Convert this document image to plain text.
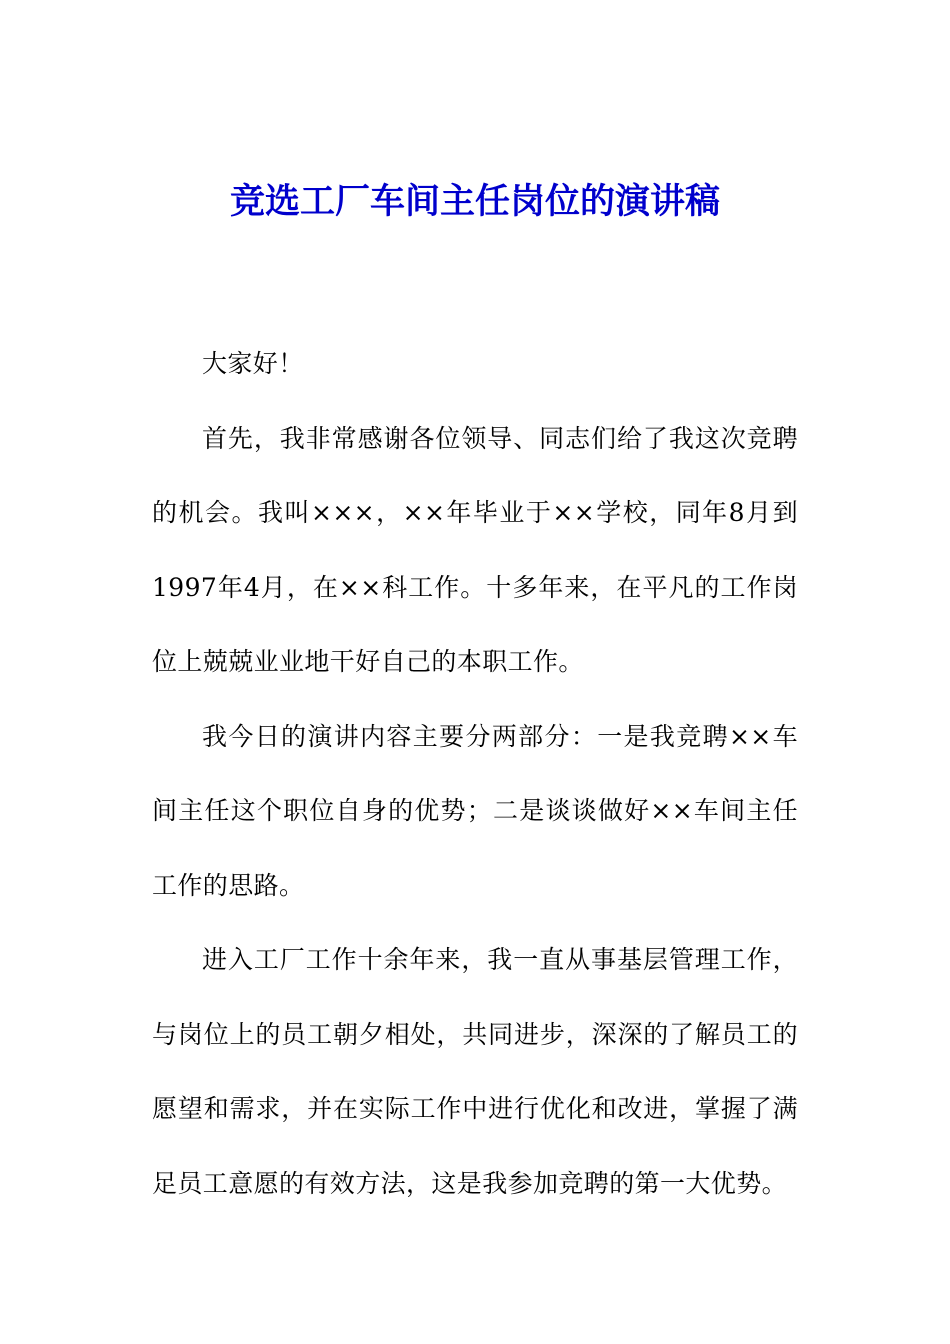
竞选工厂车间主任岗位的演讲稿

大家好！

首先，我非常感谢各位领导、同志们给了我这次竞聘的机会。我叫×××，××年毕业于××学校，同年8月到1997年4月，在××科工作。十多年来，在平凡的工作岗位上兢兢业业地干好自己的本职工作。

我今日的演讲内容主要分两部分：一是我竞聘××车间主任这个职位自身的优势；二是谈谈做好××车间主任工作的思路。

进入工厂工作十余年来，我一直从事基层管理工作，与岗位上的员工朝夕相处，共同进步，深深的了解员工的愿望和需求，并在实际工作中进行优化和改进，掌握了满足员工意愿的有效方法，这是我参加竞聘的第一大优势。
